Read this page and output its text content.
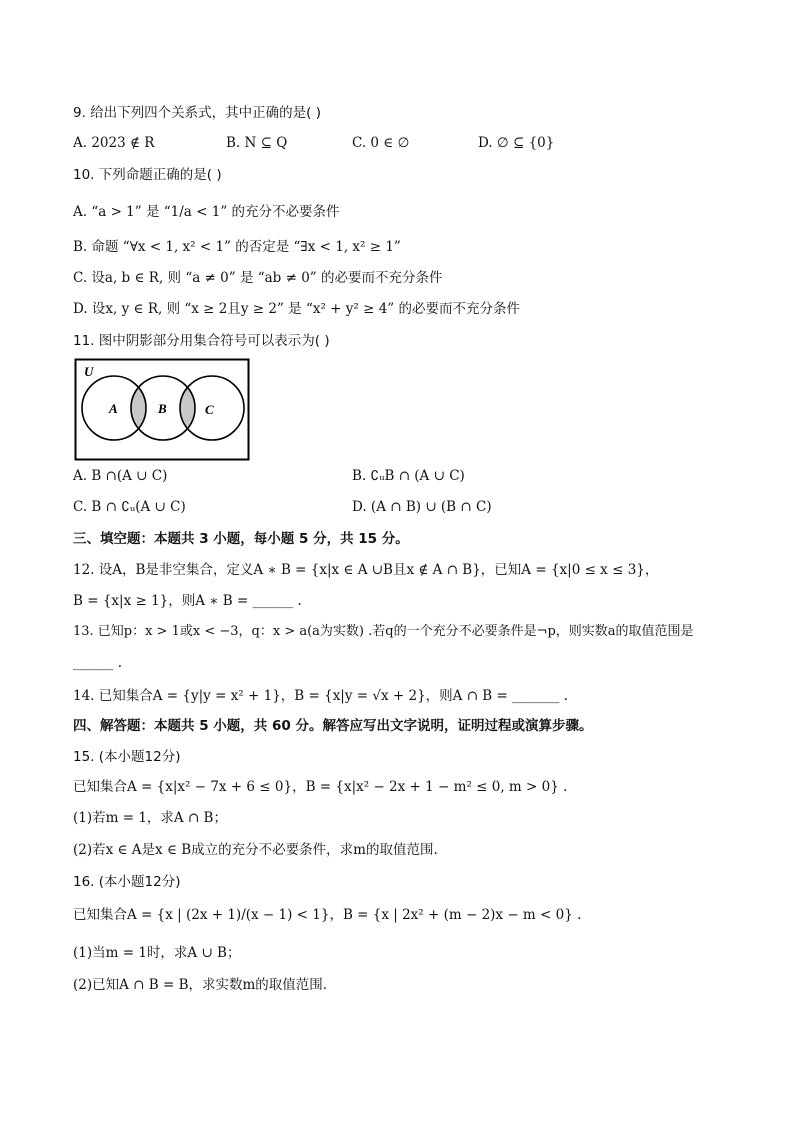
9. 给出下列四个关系式，其中正确的是( )
A. 2023 ∉ R	B. N ⊆ Q	C. 0 ∈ ∅	D. ∅ ⊆ {0}
10. 下列命题正确的是( )
A. “a > 1” 是 “1/a < 1” 的充分不必要条件
B. 命题 “∀x < 1, x² < 1” 的否定是 “∃x < 1, x² ≥ 1”
C. 设a, b ∈ R, 则 “a ≠ 0” 是 “ab ≠ 0” 的必要而不充分条件
D. 设x, y ∈ R, 则 “x ≥ 2且y ≥ 2” 是 “x² + y² ≥ 4” 的必要而不充分条件
11. 图中阴影部分用集合符号可以表示为( )
U
A	B	C
A. B ∩(A ∪ C)	B. ∁ᵤB ∩ (A ∪ C)
C. B ∩ ∁ᵤ(A ∪ C)	D. (A ∩ B) ∪ (B ∩ C)
三、填空题：本题共 3 小题，每小题 5 分，共 15 分。
12. 设A，B是非空集合，定义A ∗ B = {x|x ∈ A ∪B且x ∉ A ∩ B}，已知A = {x|0 ≤ x ≤ 3}，
B = {x|x ≥ 1}，则A ∗ B = ______ .
13. 已知p：x > 1或x < −3，q：x > a(a为实数) .若q的一个充分不必要条件是¬p，则实数a的取值范围是
______ .
14. 已知集合A = {y|y = x² + 1}，B = {x|y = √x + 2}，则A ∩ B = _______ .
四、解答题：本题共 5 小题，共 60 分。解答应写出文字说明，证明过程或演算步骤。
15. (本小题12分)
已知集合A = {x|x² − 7x + 6 ≤ 0}，B = {x|x² − 2x + 1 − m² ≤ 0, m > 0} .
(1)若m = 1，求A ∩ B；
(2)若x ∈ A是x ∈ B成立的充分不必要条件，求m的取值范围.
16. (本小题12分)
已知集合A = {x | (2x + 1)/(x − 1) < 1}，B = {x | 2x² + (m − 2)x − m < 0} .
(1)当m = 1时，求A ∪ B；
(2)已知A ∩ B = B，求实数m的取值范围.
